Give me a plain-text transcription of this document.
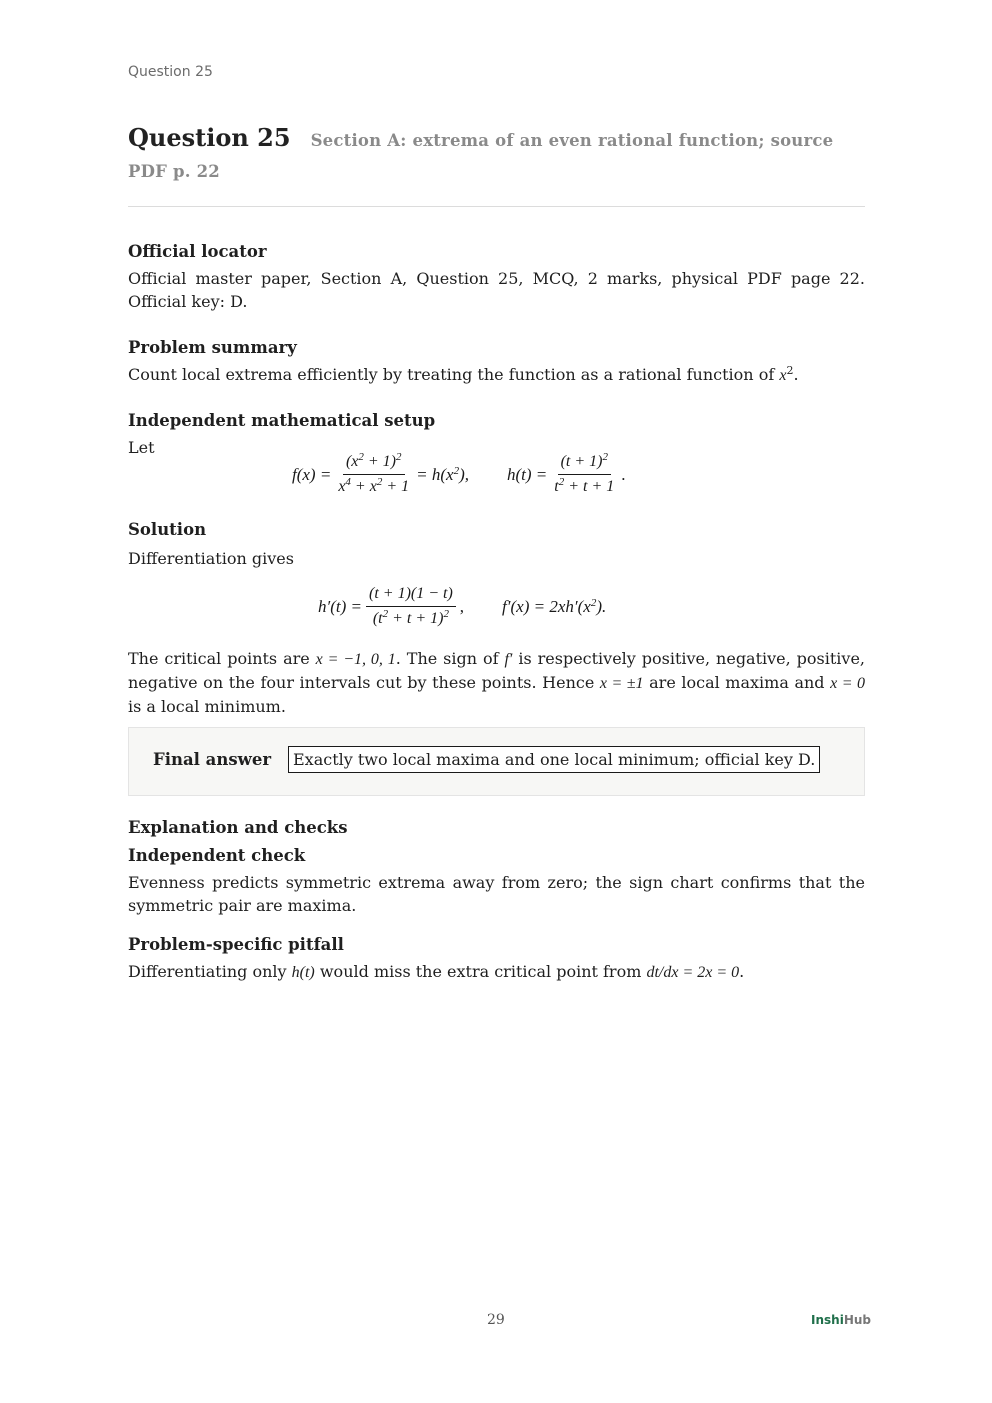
Question 25
Question 25 Section A: extrema of an even rational function; source PDF p. 22
Official locator

Official master paper, Section A, Question 25, MCQ, 2 marks, physical PDF page 22. Official key: D.

Problem summary

Count local extrema efficiently by treating the function as a rational function of $x^2$.

Independent mathematical setup

Let

$f(x) = \frac{(x^2 + 1)^2}{x^4 + x^2 + 1} = h(x^2)$, $h(t) = \frac{(t + 1)^2}{t^2 + t + 1}$ .
Solution

Differentiation gives

$h'(t) = \frac{(t + 1)(1 - t)}{(t^2 + t + 1)^2}$ , $f'(x) = 2xh'(x^2)$.

The critical points are x = −1, 0, 1. The sign of f′ is respectively positive, negative, positive, negative on the four intervals cut by these points. Hence x = ±1 are local maxima and x = 0 is a local minimum.

Final answer	Exactly two local maxima and one local minimum; official key D.
Explanation and checks
Independent check

Evenness predicts symmetric extrema away from zero; the sign chart confirms that the symmetric pair are maxima.

Problem-specific pitfall

Differentiating only h(t) would miss the extra critical point from dt/dx = 2x = 0.

29	InshiHub
